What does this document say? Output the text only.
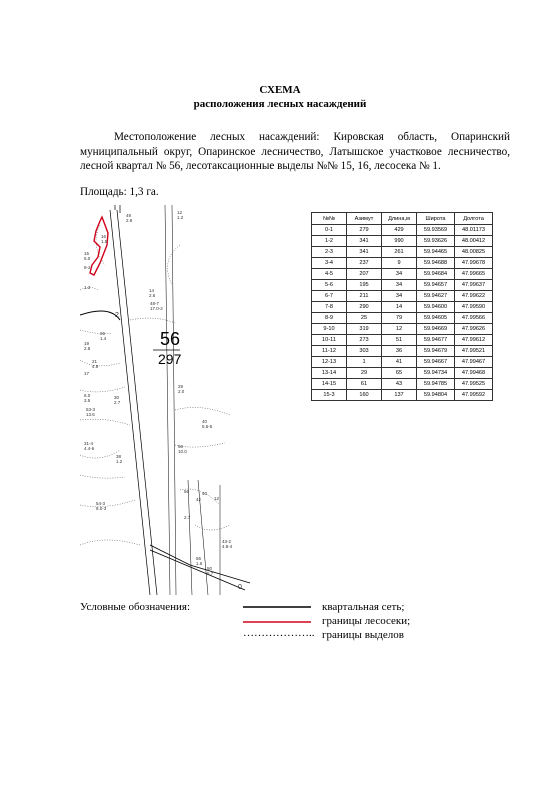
СХЕМА
расположения лесных насаждений
Местоположение лесных насаждений: Кировская область, Опаринский
муниципальный округ, Опаринское лесничество, Латышское участковое лесничество,
лесной квартал № 56, лесотаксационные выделы №№ 15, 16, лесосека № 1.
Площадь: 1,3 га.
56
297
16
1.5
15
5.0
2
1.3
8-2
26
1.4
19
2.8
21
4.8
17
30
2.7
6.0
3.5
53-3
13.6
31-4
4.4-6
38
1.2
54-3
8.0-3
49
2.8
12
1.2
14
2.6
48-7
17.0-2
29
2.0
40
5.5-5
56
10.0
56
2.7
40
42	12
43-2
4.8-4
56
1.6
50
5.7
0
№№	Азимут	Длина,м	Широта	Долгота
0-1	279	429	59.93569	48.01173
1-2	341	990	59.93626	48.00412
2-3	341	261	59.94465	48.00825
3-4	237	9	59.94688	47.99678
4-5	207	34	59.94684	47.99665
5-6	195	34	59.94657	47.99637
6-7	211	34	59.94627	47.99622
7-8	290	14	59.94600	47.99590
8-9	25	79	59.94605	47.99566
9-10	319	12	59.94669	47.99626
10-11	273	51	59.94677	47.99612
11-12	303	36	59.94679	47.99521
12-13	1	41	59.94667	47.99467
13-14	29	65	59.94734	47.99468
14-15	61	43	59.94785	47.99525
15-3	160	137	59.94804	47.99592
Условные обозначения:	квартальная сеть;
границы лесосеки;
……………….. границы выделов
